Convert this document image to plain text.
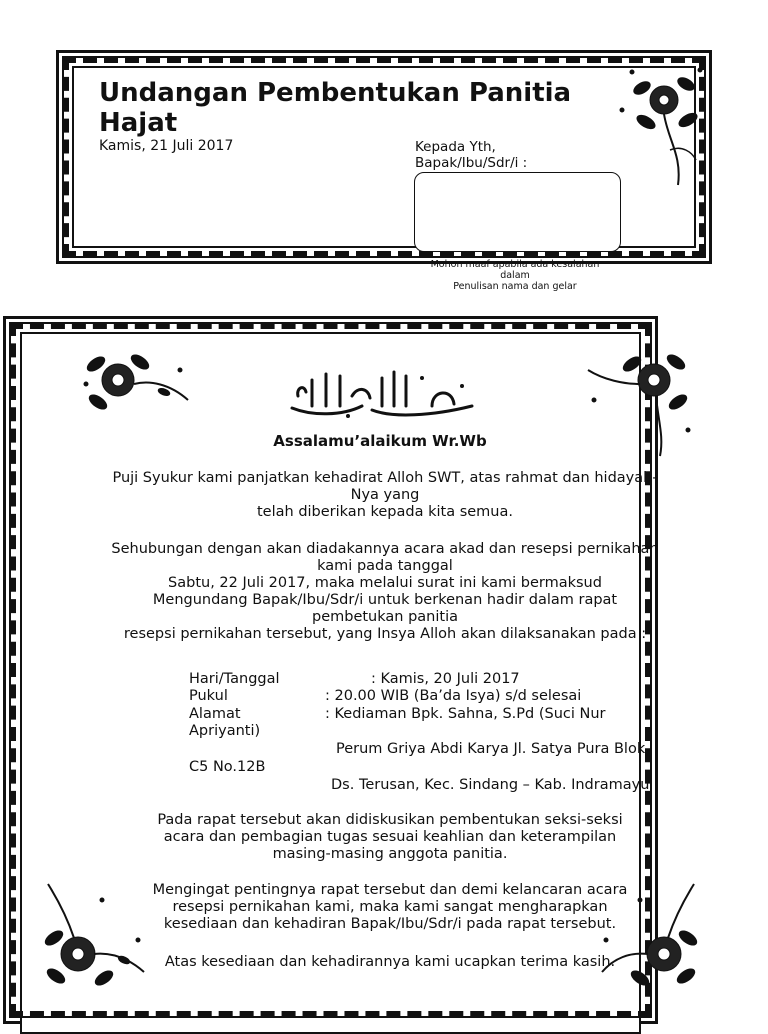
Undangan Pembentukan Panitia
Hajat
Kamis, 21 Juli 2017	Kepada Yth,
Bapak/Ibu/Sdr/i :
Mohon maaf apabila ada kesalahan
dalam
Penulisan nama dan gelar
Assalamu’alaikum Wr.Wb
Puji Syukur kami panjatkan kehadirat Alloh SWT, atas rahmat dan hidayah-
Nya yang
telah diberikan kepada kita semua.
Sehubungan dengan akan diadakannya acara akad dan resepsi pernikahan
kami pada tanggal
Sabtu, 22 Juli 2017, maka melalui surat ini kami bermaksud
Mengundang Bapak/Ibu/Sdr/i untuk berkenan hadir dalam rapat
pembetukan panitia
resepsi pernikahan tersebut, yang Insya Alloh akan dilaksanakan pada :
Hari/Tanggal	: Kamis, 20 Juli 2017
Pukul	: 20.00 WIB (Ba’da Isya) s/d selesai
Alamat	: Kediaman Bpk. Sahna, S.Pd (Suci Nur
Apriyanti)
Perum Griya Abdi Karya Jl. Satya Pura Blok
C5 No.12B
Ds. Terusan, Kec. Sindang – Kab. Indramayu
Pada rapat tersebut akan didiskusikan pembentukan seksi-seksi
acara dan pembagian tugas sesuai keahlian dan keterampilan
masing-masing anggota panitia.
Mengingat pentingnya rapat tersebut dan demi kelancaran acara
resepsi pernikahan kami, maka kami sangat mengharapkan
kesediaan dan kehadiran Bapak/Ibu/Sdr/i pada rapat tersebut.
Atas kesediaan dan kehadirannya kami ucapkan terima kasih.
